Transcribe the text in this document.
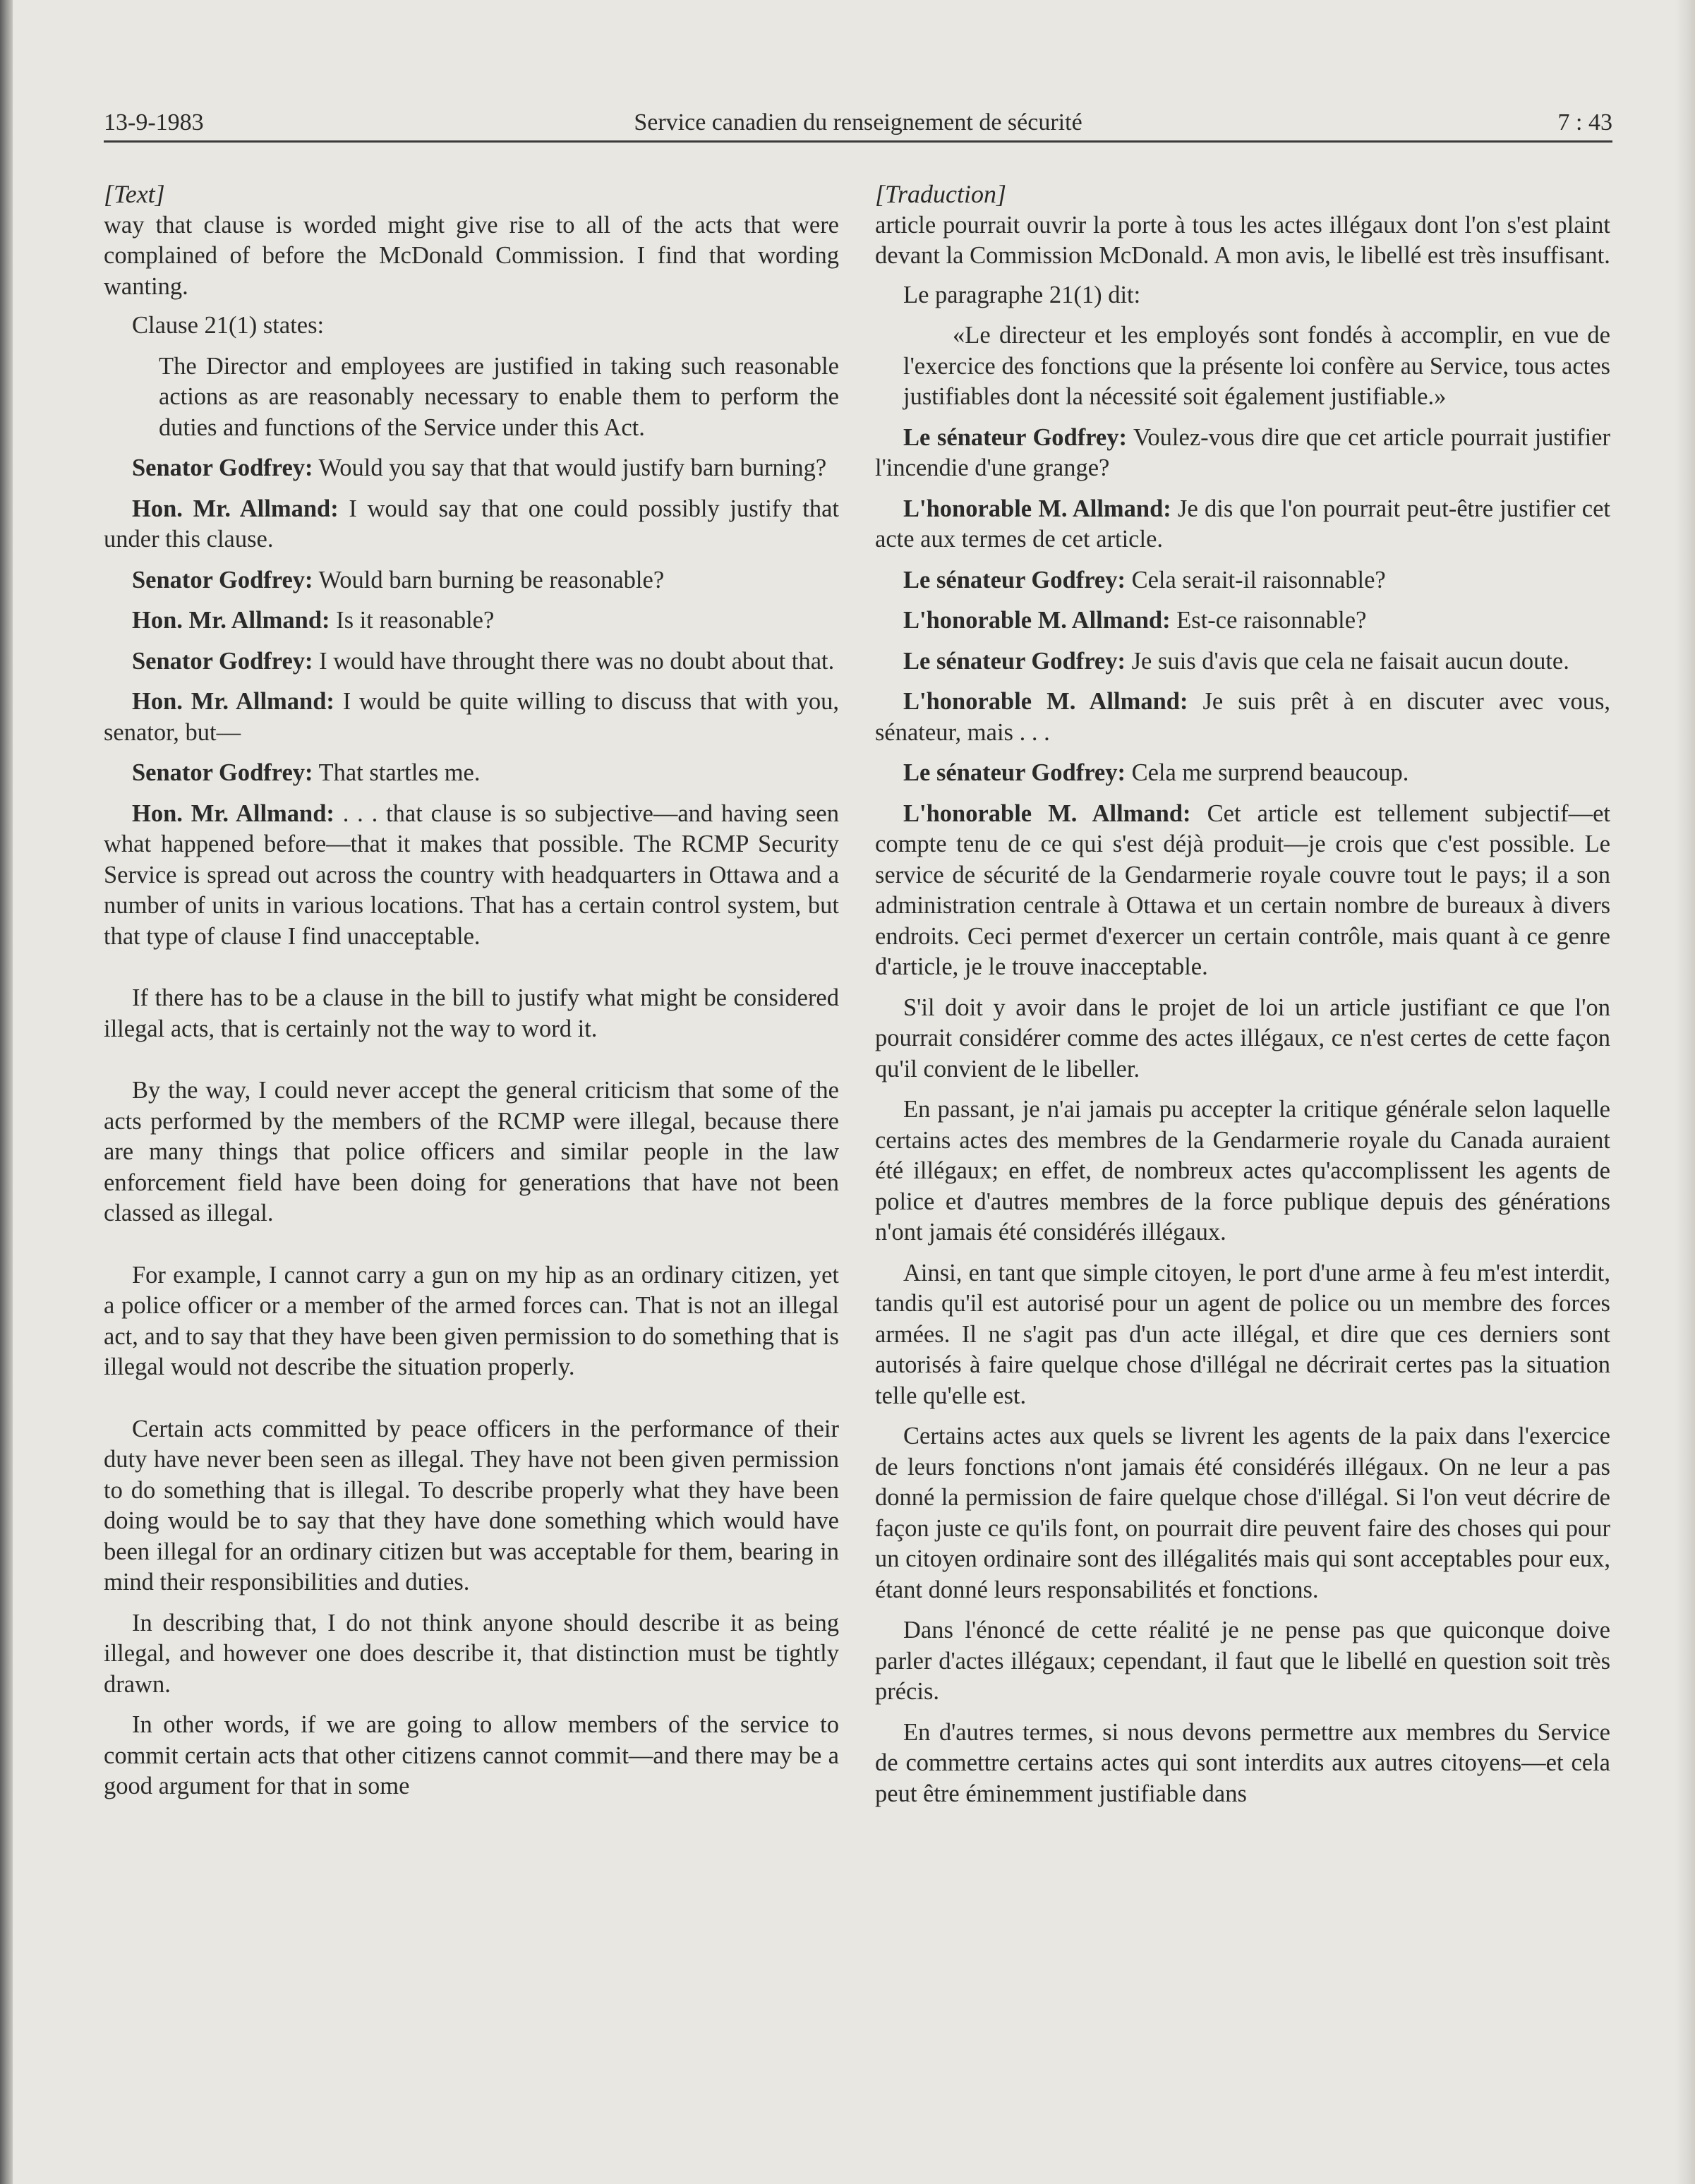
13-9-1983	Service canadien du renseignement de sécurité	7 : 43

[Text]

way that clause is worded might give rise to all of the acts that were complained of before the McDonald Commission. I find that wording wanting.

Clause 21(1) states:

The Director and employees are justified in taking such reasonable actions as are reasonably necessary to enable them to perform the duties and functions of the Service under this Act.

Senator Godfrey: Would you say that that would justify barn burning?

Hon. Mr. Allmand: I would say that one could possibly justify that under this clause.

Senator Godfrey: Would barn burning be reasonable?

Hon. Mr. Allmand: Is it reasonable?

Senator Godfrey: I would have throught there was no doubt about that.

Hon. Mr. Allmand: I would be quite willing to discuss that with you, senator, but—

Senator Godfrey: That startles me.

Hon. Mr. Allmand: . . . that clause is so subjective—and having seen what happened before—that it makes that possible. The RCMP Security Service is spread out across the country with headquarters in Ottawa and a number of units in various locations. That has a certain control system, but that type of clause I find unacceptable.

If there has to be a clause in the bill to justify what might be considered illegal acts, that is certainly not the way to word it.

By the way, I could never accept the general criticism that some of the acts performed by the members of the RCMP were illegal, because there are many things that police officers and similar people in the law enforcement field have been doing for generations that have not been classed as illegal.

For example, I cannot carry a gun on my hip as an ordinary citizen, yet a police officer or a member of the armed forces can. That is not an illegal act, and to say that they have been given permission to do something that is illegal would not describe the situation properly.

Certain acts committed by peace officers in the performance of their duty have never been seen as illegal. They have not been given permission to do something that is illegal. To describe properly what they have been doing would be to say that they have done something which would have been illegal for an ordinary citizen but was acceptable for them, bearing in mind their responsibilities and duties.

In describing that, I do not think anyone should describe it as being illegal, and however one does describe it, that distinction must be tightly drawn.

In other words, if we are going to allow members of the service to commit certain acts that other citizens cannot commit—and there may be a good argument for that in some

[Traduction]

article pourrait ouvrir la porte à tous les actes illégaux dont l'on s'est plaint devant la Commission McDonald. A mon avis, le libellé est très insuffisant.

Le paragraphe 21(1) dit:

«Le directeur et les employés sont fondés à accomplir, en vue de l'exercice des fonctions que la présente loi confère au Service, tous actes justifiables dont la nécessité soit également justifiable.»

Le sénateur Godfrey: Voulez-vous dire que cet article pourrait justifier l'incendie d'une grange?

L'honorable M. Allmand: Je dis que l'on pourrait peut-être justifier cet acte aux termes de cet article.

Le sénateur Godfrey: Cela serait-il raisonnable?

L'honorable M. Allmand: Est-ce raisonnable?

Le sénateur Godfrey: Je suis d'avis que cela ne faisait aucun doute.

L'honorable M. Allmand: Je suis prêt à en discuter avec vous, sénateur, mais . . .

Le sénateur Godfrey: Cela me surprend beaucoup.

L'honorable M. Allmand: Cet article est tellement subjectif—et compte tenu de ce qui s'est déjà produit—je crois que c'est possible. Le service de sécurité de la Gendarmerie royale couvre tout le pays; il a son administration centrale à Ottawa et un certain nombre de bureaux à divers endroits. Ceci permet d'exercer un certain contrôle, mais quant à ce genre d'article, je le trouve inacceptable.

S'il doit y avoir dans le projet de loi un article justifiant ce que l'on pourrait considérer comme des actes illégaux, ce n'est certes de cette façon qu'il convient de le libeller.

En passant, je n'ai jamais pu accepter la critique générale selon laquelle certains actes des membres de la Gendarmerie royale du Canada auraient été illégaux; en effet, de nombreux actes qu'accomplissent les agents de police et d'autres membres de la force publique depuis des générations n'ont jamais été considérés illégaux.

Ainsi, en tant que simple citoyen, le port d'une arme à feu m'est interdit, tandis qu'il est autorisé pour un agent de police ou un membre des forces armées. Il ne s'agit pas d'un acte illégal, et dire que ces derniers sont autorisés à faire quelque chose d'illégal ne décrirait certes pas la situation telle qu'elle est.

Certains actes aux quels se livrent les agents de la paix dans l'exercice de leurs fonctions n'ont jamais été considérés illégaux. On ne leur a pas donné la permission de faire quelque chose d'illégal. Si l'on veut décrire de façon juste ce qu'ils font, on pourrait dire peuvent faire des choses qui pour un citoyen ordinaire sont des illégalités mais qui sont acceptables pour eux, étant donné leurs responsabilités et fonctions.

Dans l'énoncé de cette réalité je ne pense pas que quiconque doive parler d'actes illégaux; cependant, il faut que le libellé en question soit très précis.

En d'autres termes, si nous devons permettre aux membres du Service de commettre certains actes qui sont interdits aux autres citoyens—et cela peut être éminemment justifiable dans
